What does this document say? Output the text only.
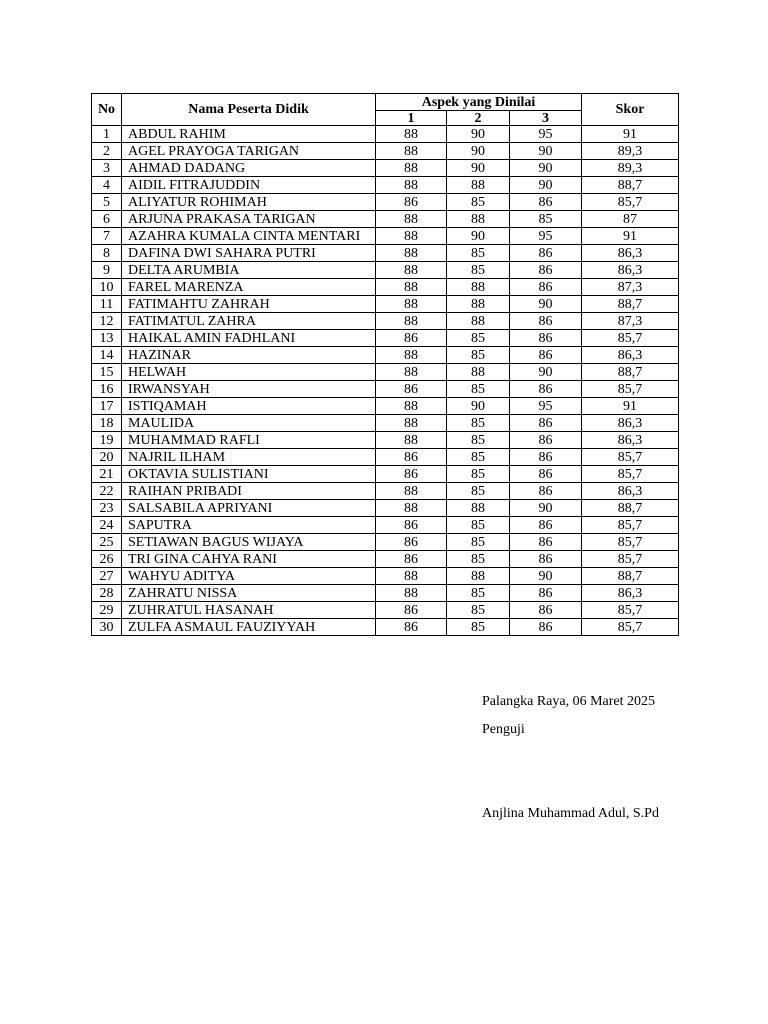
No	Nama Peserta Didik	Aspek yang Dinilai			Skor
		1	2	3	
1	ABDUL RAHIM	88	90	95	91
2	AGEL PRAYOGA TARIGAN	88	90	90	89,3
3	AHMAD DADANG	88	90	90	89,3
4	AIDIL FITRAJUDDIN	88	88	90	88,7
5	ALIYATUR ROHIMAH	86	85	86	85,7
6	ARJUNA PRAKASA TARIGAN	88	88	85	87
7	AZAHRA KUMALA CINTA MENTARI	88	90	95	91
8	DAFINA DWI SAHARA PUTRI	88	85	86	86,3
9	DELTA ARUMBIA	88	85	86	86,3
10	FAREL MARENZA	88	88	86	87,3
11	FATIMAHTU ZAHRAH	88	88	90	88,7
12	FATIMATUL ZAHRA	88	88	86	87,3
13	HAIKAL AMIN FADHLANI	86	85	86	85,7
14	HAZINAR	88	85	86	86,3
15	HELWAH	88	88	90	88,7
16	IRWANSYAH	86	85	86	85,7
17	ISTIQAMAH	88	90	95	91
18	MAULIDA	88	85	86	86,3
19	MUHAMMAD RAFLI	88	85	86	86,3
20	NAJRIL ILHAM	86	85	86	85,7
21	OKTAVIA SULISTIANI	86	85	86	85,7
22	RAIHAN PRIBADI	88	85	86	86,3
23	SALSABILA APRIYANI	88	88	90	88,7
24	SAPUTRA	86	85	86	85,7
25	SETIAWAN BAGUS WIJAYA	86	85	86	85,7
26	TRI GINA CAHYA RANI	86	85	86	85,7
27	WAHYU ADITYA	88	88	90	88,7
28	ZAHRATU NISSA	88	85	86	86,3
29	ZUHRATUL HASANAH	86	85	86	85,7
30	ZULFA ASMAUL FAUZIYYAH	86	85	86	85,7
Palangka Raya, 06 Maret 2025
Penguji
Anjlina Muhammad Adul, S.Pd
